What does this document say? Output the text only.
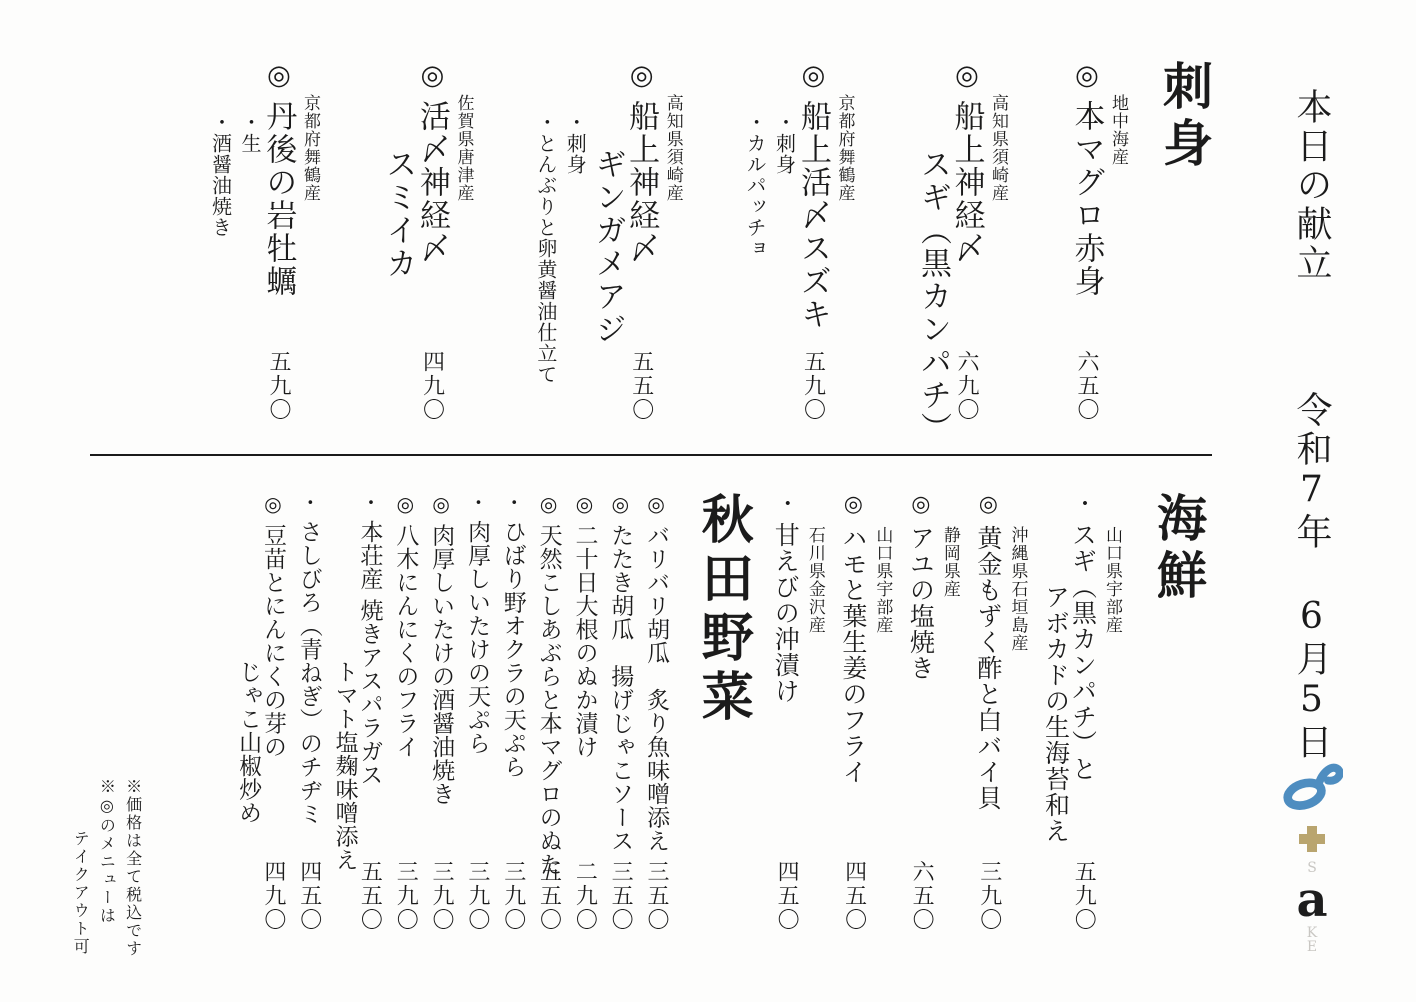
本日の献立 令和7年 6月5日
刺身
地中海産
◎本マグロ赤身
六五〇
高知県須崎産
◎船上神経〆
六九〇
スギ（黒カンパチ）
京都府舞鶴産
◎船上活〆スズキ
五九〇
・刺身
・カルパッチョ
高知県須崎産
◎船上神経〆
五五〇
ギンガメアジ
・刺身
・とんぶりと卵黄醤油仕立て
佐賀県唐津産
◎活〆神経〆
四九〇
スミイカ
京都府舞鶴産
◎丹後の岩牡蠣
五九〇
・生
・酒醤油焼き
海鮮
山口県宇部産
・スギ（黒カンパチ）と
五九〇
アボカドの生海苔和え
沖縄県石垣島産
◎黄金もずく酢と白バイ貝
三九〇
静岡県産
◎アユの塩焼き
六五〇
山口県宇部産
◎ハモと葉生姜のフライ
四五〇
石川県金沢産
・甘えびの沖漬け
四五〇
秋田野菜
◎バリバリ胡瓜　炙り魚味噌添え
三五〇
◎たたき胡瓜　揚げじゃこソース
三五〇
◎二十日大根のぬか漬け
二九〇
◎天然こしあぶらと本マグロのぬた
五五〇
・ひばり野オクラの天ぷら
三九〇
・肉厚しいたけの天ぷら
三九〇
◎肉厚しいたけの酒醤油焼き
三九〇
◎八木にんにくのフライ
三九〇
・本荘産 焼きアスパラガス
五五〇
トマト塩麹味噌添え
・さしびろ（青ねぎ）のチヂミ
四五〇
◎豆苗とにんにくの芽の
四九〇
じゃこ山椒炒め
※価格は全て税込です
※◎のメニューは
テイクアウト可	S
a
K
E
